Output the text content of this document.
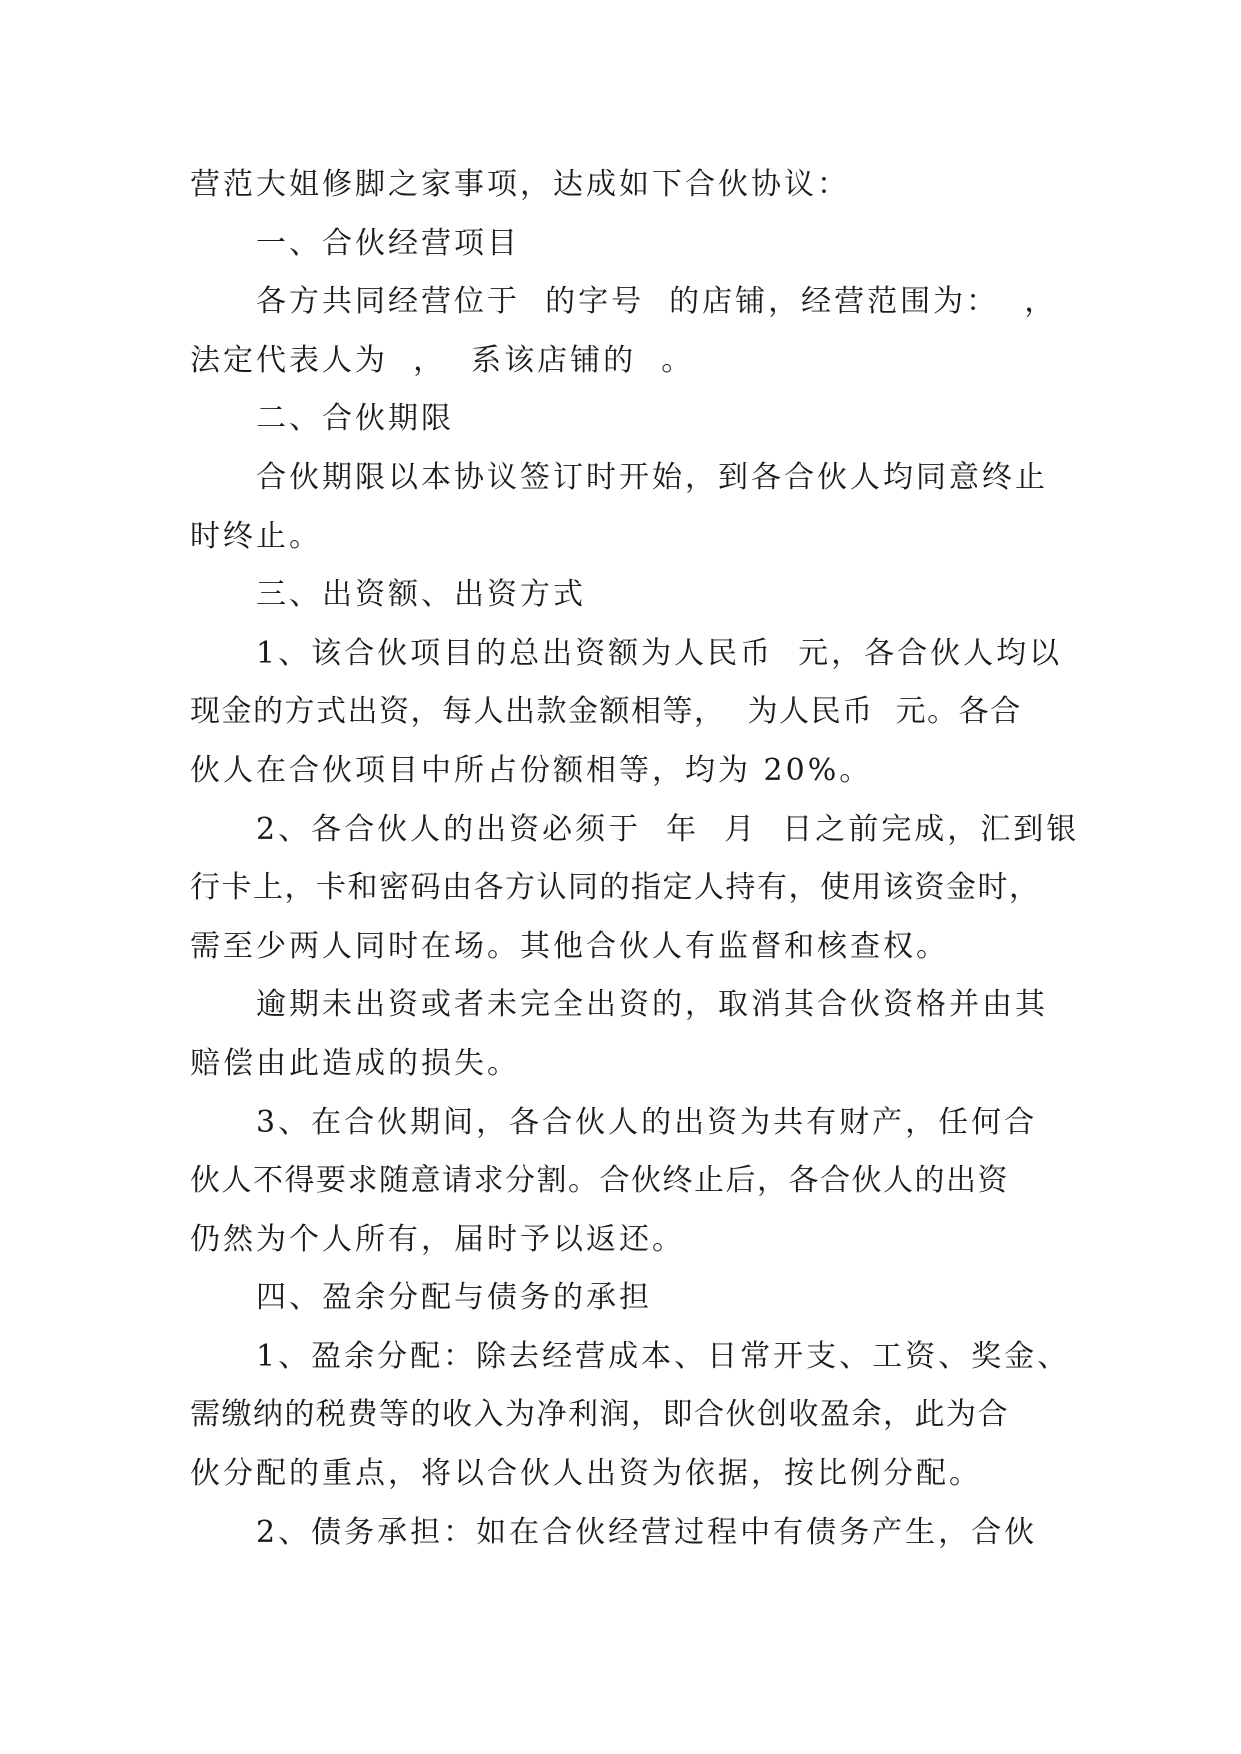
营范大姐修脚之家事项，达成如下合伙协议：
一、合伙经营项目
各方共同经营位于  的字号  的店铺，经营范围为：  ，
法定代表人为  ，  系该店铺的  。
二、合伙期限
合伙期限以本协议签订时开始，到各合伙人均同意终止
时终止。
三、出资额、出资方式
1、该合伙项目的总出资额为人民币  元，各合伙人均以
现金的方式出资，每人出款金额相等，  为人民币  元。各合
伙人在合伙项目中所占份额相等，均为 20%。
2、各合伙人的出资必须于  年  月  日之前完成，汇到银
行卡上，卡和密码由各方认同的指定人持有，使用该资金时，
需至少两人同时在场。其他合伙人有监督和核查权。
逾期未出资或者未完全出资的，取消其合伙资格并由其
赔偿由此造成的损失。
3、在合伙期间，各合伙人的出资为共有财产，任何合
伙人不得要求随意请求分割。合伙终止后，各合伙人的出资
仍然为个人所有，届时予以返还。
四、盈余分配与债务的承担
1、盈余分配：除去经营成本、日常开支、工资、奖金、
需缴纳的税费等的收入为净利润，即合伙创收盈余，此为合
伙分配的重点，将以合伙人出资为依据，按比例分配。
2、债务承担：如在合伙经营过程中有债务产生，合伙
